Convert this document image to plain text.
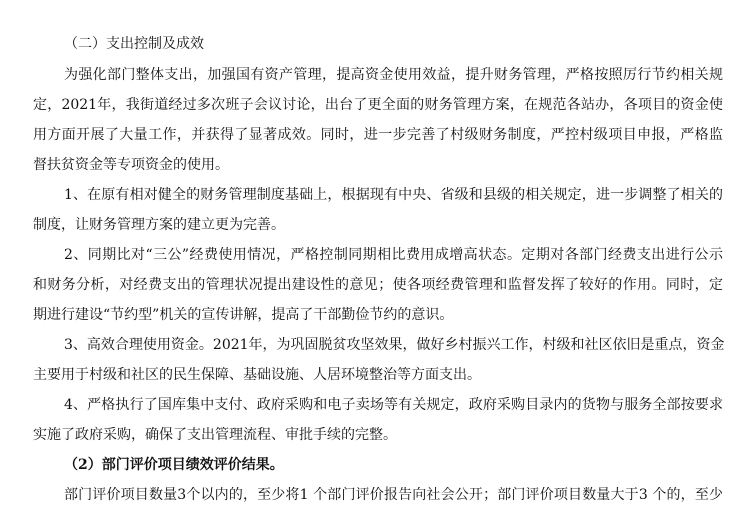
（二）支出控制及成效
为强化部门整体支出，加强国有资产管理，提高资金使用效益，提升财务管理，严格按照厉行节约相关规
定，2021年，我街道经过多次班子会议讨论，出台了更全面的财务管理方案，在规范各站办，各项目的资金使
用方面开展了大量工作，并获得了显著成效。同时，进一步完善了村级财务制度，严控村级项目申报，严格监
督扶贫资金等专项资金的使用。
1、在原有相对健全的财务管理制度基础上，根据现有中央、省级和县级的相关规定，进一步调整了相关的
制度，让财务管理方案的建立更为完善。
2、同期比对“三公”经费使用情况，严格控制同期相比费用成增高状态。定期对各部门经费支出进行公示
和财务分析，对经费支出的管理状况提出建设性的意见；使各项经费管理和监督发挥了较好的作用。同时，定
期进行建设“节约型”机关的宣传讲解，提高了干部勤俭节约的意识。
3、高效合理使用资金。2021年，为巩固脱贫攻坚效果，做好乡村振兴工作，村级和社区依旧是重点，资金
主要用于村级和社区的民生保障、基础设施、人居环境整治等方面支出。
4、严格执行了国库集中支付、政府采购和电子卖场等有关规定，政府采购目录内的货物与服务全部按要求
实施了政府采购，确保了支出管理流程、审批手续的完整。
（2）部门评价项目绩效评价结果。
部门评价项目数量3个以内的，至少将1 个部门评价报告向社会公开；部门评价项目数量大于3 个的，至少
